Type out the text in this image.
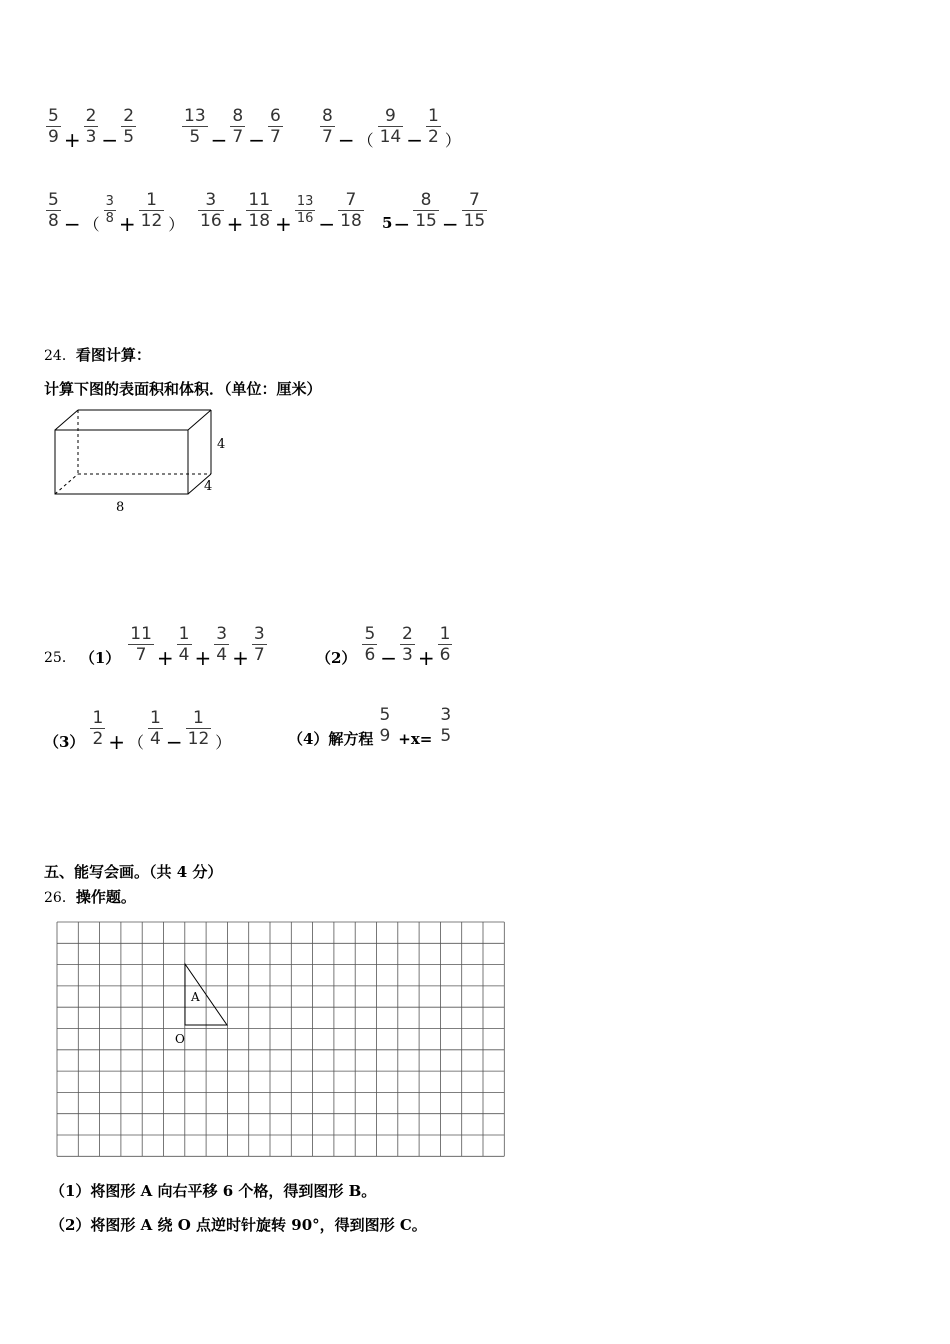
5
9 +
2
3 −
2
5
13
5 −
8
7 −
6
7
8
7 − （
9
14 −
1
2 ）
5
8 − （
3
8 +
1
12 ）
3
16 +
11
18 +
13
16 −
7
18 5 −
8
15 −
7
15
24．看图计算：
计算下图的表面积和体积．（单位：厘米）
4
4
8
25． （1）
11
7 +
1
4 +
3
4 +
3
7	（2）
5
6 −
2
3 +
1
6
（3）
1
2 + （
1
4 −
1
12 ）	（4）解方程
5
9 +x=
3
5
五、能写会画。（共 4 分）
26．操作题。
A
O
（1）将图形 A 向右平移 6 个格，得到图形 B。
（2）将图形 A 绕 O 点逆时针旋转 90°，得到图形 C。
